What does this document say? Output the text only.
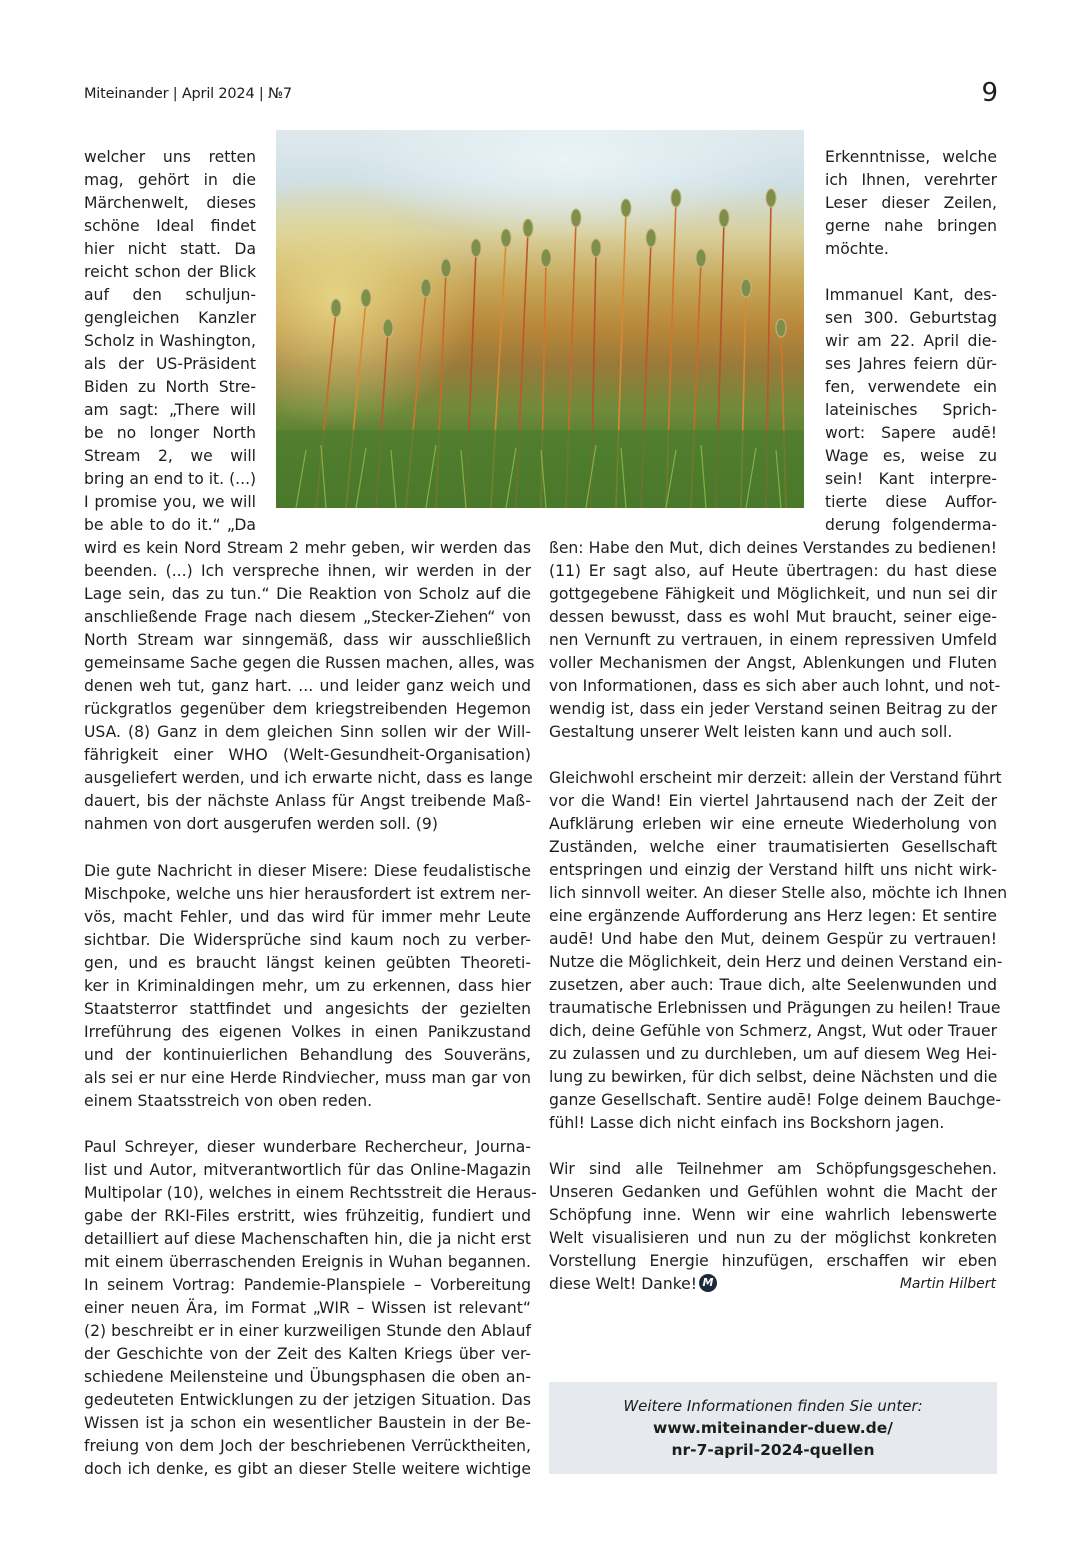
Miteinander | April 2024 | №7	9
welcher uns retten
mag, gehört in die
Märchenwelt, dieses
schöne Ideal findet
hier nicht statt. Da
reicht schon der Blick
auf den schuljun-
gengleichen Kanzler
Scholz in Washington,
als der US-Präsident
Biden zu North Stre-
am sagt: „There will
be no longer North
Stream 2, we will
bring an end to it. (...)
I promise you, we will
be able to do it.“ „Da
wird es kein Nord Stream 2 mehr geben, wir werden das
beenden. (...) Ich verspreche ihnen, wir werden in der
Lage sein, das zu tun.“ Die Reaktion von Scholz auf die
anschließende Frage nach diesem „Stecker-Ziehen“ von
North Stream war sinngemäß, dass wir ausschließlich
gemeinsame Sache gegen die Russen machen, alles, was
denen weh tut, ganz hart. ... und leider ganz weich und
rückgratlos gegenüber dem kriegstreibenden Hegemon
USA. (8) Ganz in dem gleichen Sinn sollen wir der Will-
fährigkeit einer WHO (Welt-Gesundheit-Organisation)
ausgeliefert werden, und ich erwarte nicht, dass es lange
dauert, bis der nächste Anlass für Angst treibende Maß-
nahmen von dort ausgerufen werden soll. (9)
Die gute Nachricht in dieser Misere: Diese feudalistische
Mischpoke, welche uns hier herausfordert ist extrem ner-
vös, macht Fehler, und das wird für immer mehr Leute
sichtbar. Die Widersprüche sind kaum noch zu verber-
gen, und es braucht längst keinen geübten Theoreti-
ker in Kriminaldingen mehr, um zu erkennen, dass hier
Staatsterror stattfindet und angesichts der gezielten
Irreführung des eigenen Volkes in einen Panikzustand
und der kontinuierlichen Behandlung des Souveräns,
als sei er nur eine Herde Rindviecher, muss man gar von
einem Staatsstreich von oben reden.
Paul Schreyer, dieser wunderbare Rechercheur, Journa-
list und Autor, mitverantwortlich für das Online-Magazin
Multipolar (10), welches in einem Rechtsstreit die Heraus-
gabe der RKI-Files erstritt, wies frühzeitig, fundiert und
detailliert auf diese Machenschaften hin, die ja nicht erst
mit einem überraschenden Ereignis in Wuhan begannen.
In seinem Vortrag: Pandemie-Planspiele – Vorbereitung
einer neuen Ära, im Format „WIR – Wissen ist relevant“
(2) beschreibt er in einer kurzweiligen Stunde den Ablauf
der Geschichte von der Zeit des Kalten Kriegs über ver-
schiedene Meilensteine und Übungsphasen die oben an-
gedeuteten Entwicklungen zu der jetzigen Situation. Das
Wissen ist ja schon ein wesentlicher Baustein in der Be-
freiung von dem Joch der beschriebenen Verrücktheiten,
doch ich denke, es gibt an dieser Stelle weitere wichtige
Erkenntnisse, welche
ich Ihnen, verehrter
Leser dieser Zeilen,
gerne nahe bringen
möchte.
Immanuel Kant, des-
sen 300. Geburtstag
wir am 22. April die-
ses Jahres feiern dür-
fen, verwendete ein
lateinisches Sprich-
wort: Sapere audē!
Wage es, weise zu
sein! Kant interpre-
tierte diese Auffor-
derung folgenderma-
ßen: Habe den Mut, dich deines Verstandes zu bedienen!
(11) Er sagt also, auf Heute übertragen: du hast diese
gottgegebene Fähigkeit und Möglichkeit, und nun sei dir
dessen bewusst, dass es wohl Mut braucht, seiner eige-
nen Vernunft zu vertrauen, in einem repressiven Umfeld
voller Mechanismen der Angst, Ablenkungen und Fluten
von Informationen, dass es sich aber auch lohnt, und not-
wendig ist, dass ein jeder Verstand seinen Beitrag zu der
Gestaltung unserer Welt leisten kann und auch soll.
Gleichwohl erscheint mir derzeit: allein der Verstand führt
vor die Wand! Ein viertel Jahrtausend nach der Zeit der
Aufklärung erleben wir eine erneute Wiederholung von
Zuständen, welche einer traumatisierten Gesellschaft
entspringen und einzig der Verstand hilft uns nicht wirk-
lich sinnvoll weiter. An dieser Stelle also, möchte ich Ihnen
eine ergänzende Aufforderung ans Herz legen: Et sentire
audē! Und habe den Mut, deinem Gespür zu vertrauen!
Nutze die Möglichkeit, dein Herz und deinen Verstand ein-
zusetzen, aber auch: Traue dich, alte Seelenwunden und
traumatische Erlebnissen und Prägungen zu heilen! Traue
dich, deine Gefühle von Schmerz, Angst, Wut oder Trauer
zu zulassen und zu durchleben, um auf diesem Weg Hei-
lung zu bewirken, für dich selbst, deine Nächsten und die
ganze Gesellschaft. Sentire audē! Folge deinem Bauchge-
fühl! Lasse dich nicht einfach ins Bockshorn jagen.
Wir sind alle Teilnehmer am Schöpfungsgeschehen.
Unseren Gedanken und Gefühlen wohnt die Macht der
Schöpfung inne. Wenn wir eine wahrlich lebenswerte
Welt visualisieren und nun zu der möglichst konkreten
Vorstellung Energie hinzufügen, erschaffen wir eben
diese Welt! Danke! M	Martin Hilbert
Weitere Informationen finden Sie unter:
www.miteinander-duew.de/
nr-7-april-2024-quellen
